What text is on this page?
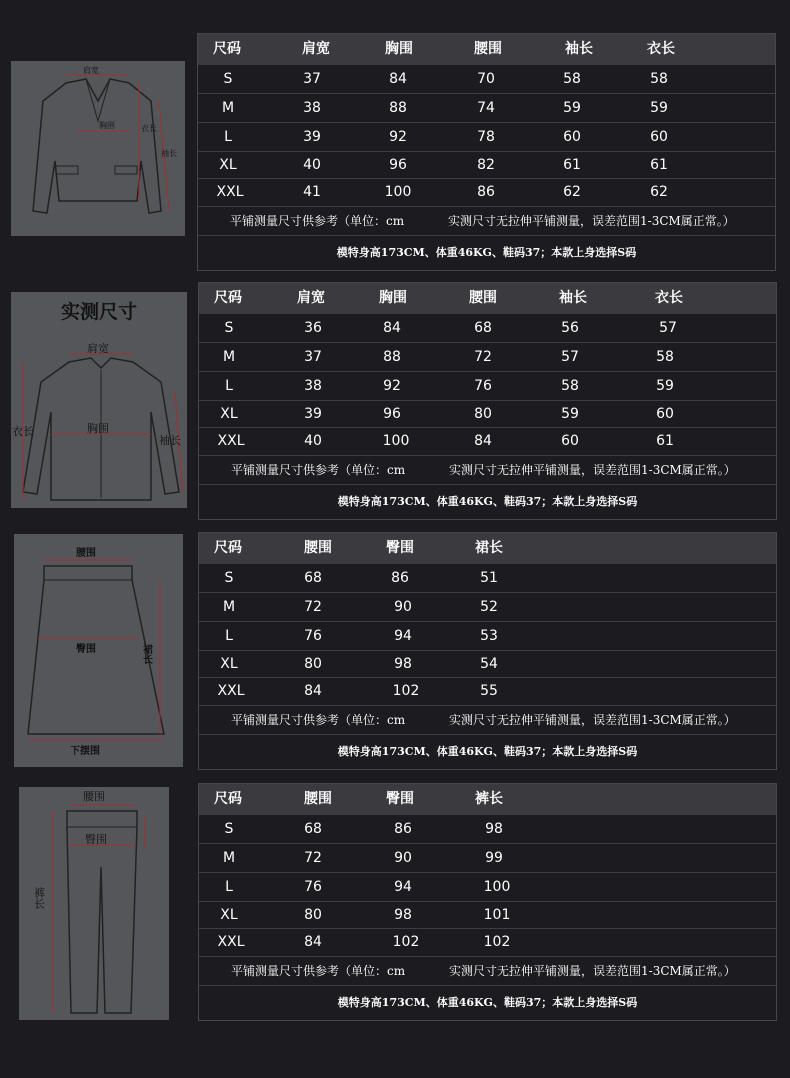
肩宽
胸围	衣长
袖长
尺码	肩宽	胸围	腰围	袖长	衣长
S	37	84	70	58	58
M	38	88	74	59	59
L	39	92	78	60	60
XL	40	96	82	61	61
XXL	41	100	86	62	62
平铺测量尺寸供参考（单位：cm	实测尺寸无拉伸平铺测量，误差范围1-3CM属正常。）
模特身高173CM、体重46KG、鞋码37；本款上身选择S码
实测尺寸
肩宽
胸围
衣长
袖长
尺码	肩宽	胸围	腰围	袖长	衣长
S	36	84	68	56	57
M	37	88	72	57	58
L	38	92	76	58	59
XL	39	96	80	59	60
XXL	40	100	84	60	61
平铺测量尺寸供参考（单位：cm	实测尺寸无拉伸平铺测量，误差范围1-3CM属正常。）
模特身高173CM、体重46KG、鞋码37；本款上身选择S码
腰围
臀围	裙长
下摆围
尺码	腰围	臀围	裙长
S	68	86	51
M	72	90	52
L	76	94	53
XL	80	98	54
XXL	84	102	55
平铺测量尺寸供参考（单位：cm	实测尺寸无拉伸平铺测量，误差范围1-3CM属正常。）
模特身高173CM、体重46KG、鞋码37；本款上身选择S码
腰围
臀围
裤长
尺码	腰围	臀围	裤长
S	68	86	98
M	72	90	99
L	76	94	100
XL	80	98	101
XXL	84	102	102
平铺测量尺寸供参考（单位：cm	实测尺寸无拉伸平铺测量，误差范围1-3CM属正常。）
模特身高173CM、体重46KG、鞋码37；本款上身选择S码
